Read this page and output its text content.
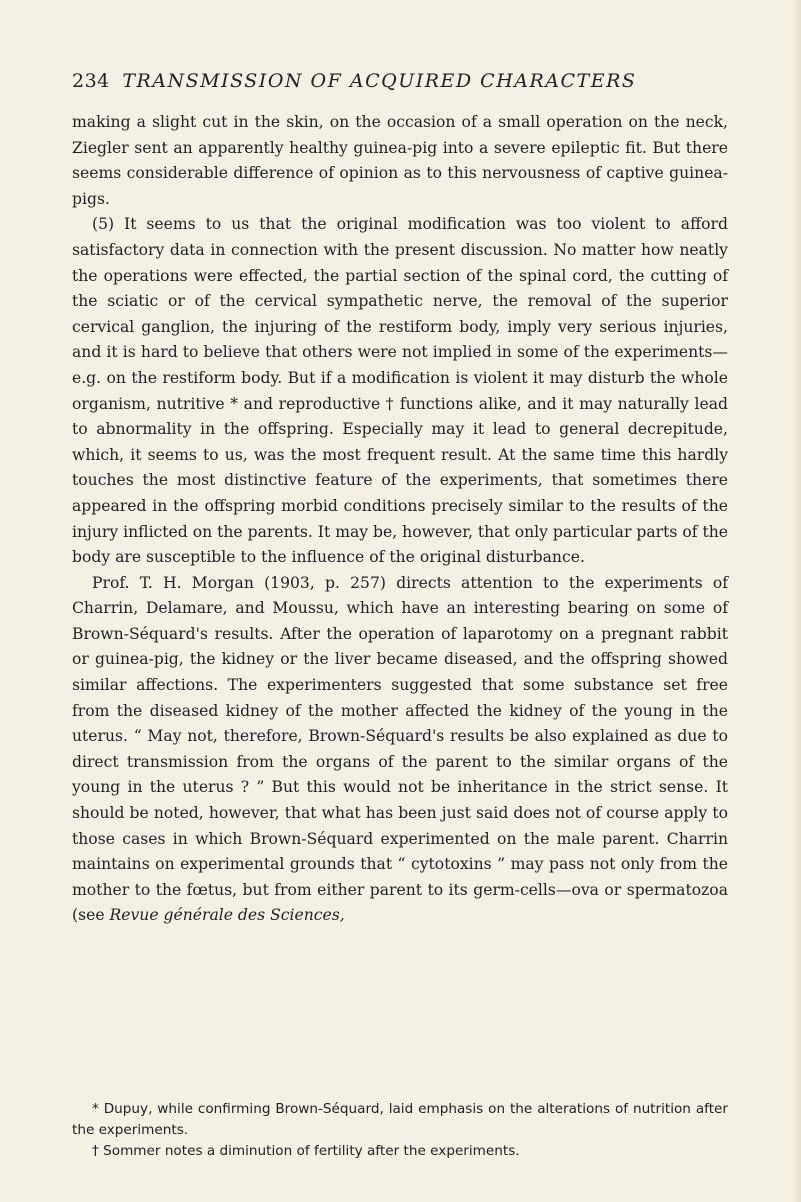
234 TRANSMISSION OF ACQUIRED CHARACTERS

making a slight cut in the skin, on the occasion of a small operation on the neck, Ziegler sent an apparently healthy guinea-pig into a severe epileptic fit. But there seems considerable difference of opinion as to this nervousness of captive guinea-pigs.

(5) It seems to us that the original modification was too violent to afford satisfactory data in connection with the present discussion. No matter how neatly the operations were effected, the partial section of the spinal cord, the cutting of the sciatic or of the cervical sympathetic nerve, the removal of the superior cervical ganglion, the injuring of the restiform body, imply very serious injuries, and it is hard to believe that others were not implied in some of the experiments—e.g. on the restiform body. But if a modification is violent it may disturb the whole organism, nutritive * and reproductive † functions alike, and it may naturally lead to abnormality in the offspring. Especially may it lead to general decrepitude, which, it seems to us, was the most frequent result. At the same time this hardly touches the most distinctive feature of the experiments, that sometimes there appeared in the offspring morbid conditions precisely similar to the results of the injury inflicted on the parents. It may be, however, that only particular parts of the body are susceptible to the influence of the original disturbance.

Prof. T. H. Morgan (1903, p. 257) directs attention to the experiments of Charrin, Delamare, and Moussu, which have an interesting bearing on some of Brown-Séquard's results. After the operation of laparotomy on a pregnant rabbit or guinea-pig, the kidney or the liver became diseased, and the offspring showed similar affections. The experimenters suggested that some substance set free from the diseased kidney of the mother affected the kidney of the young in the uterus. “ May not, therefore, Brown-Séquard's results be also explained as due to direct transmission from the organs of the parent to the similar organs of the young in the uterus ? ” But this would not be inheritance in the strict sense. It should be noted, however, that what has been just said does not of course apply to those cases in which Brown-Séquard experimented on the male parent. Charrin maintains on experimental grounds that “ cytotoxins ” may pass not only from the mother to the fœtus, but from either parent to its germ-cells—ova or spermatozoa (see Revue générale des Sciences,

* Dupuy, while confirming Brown-Séquard, laid emphasis on the alterations of nutrition after the experiments.

† Sommer notes a diminution of fertility after the experiments.
